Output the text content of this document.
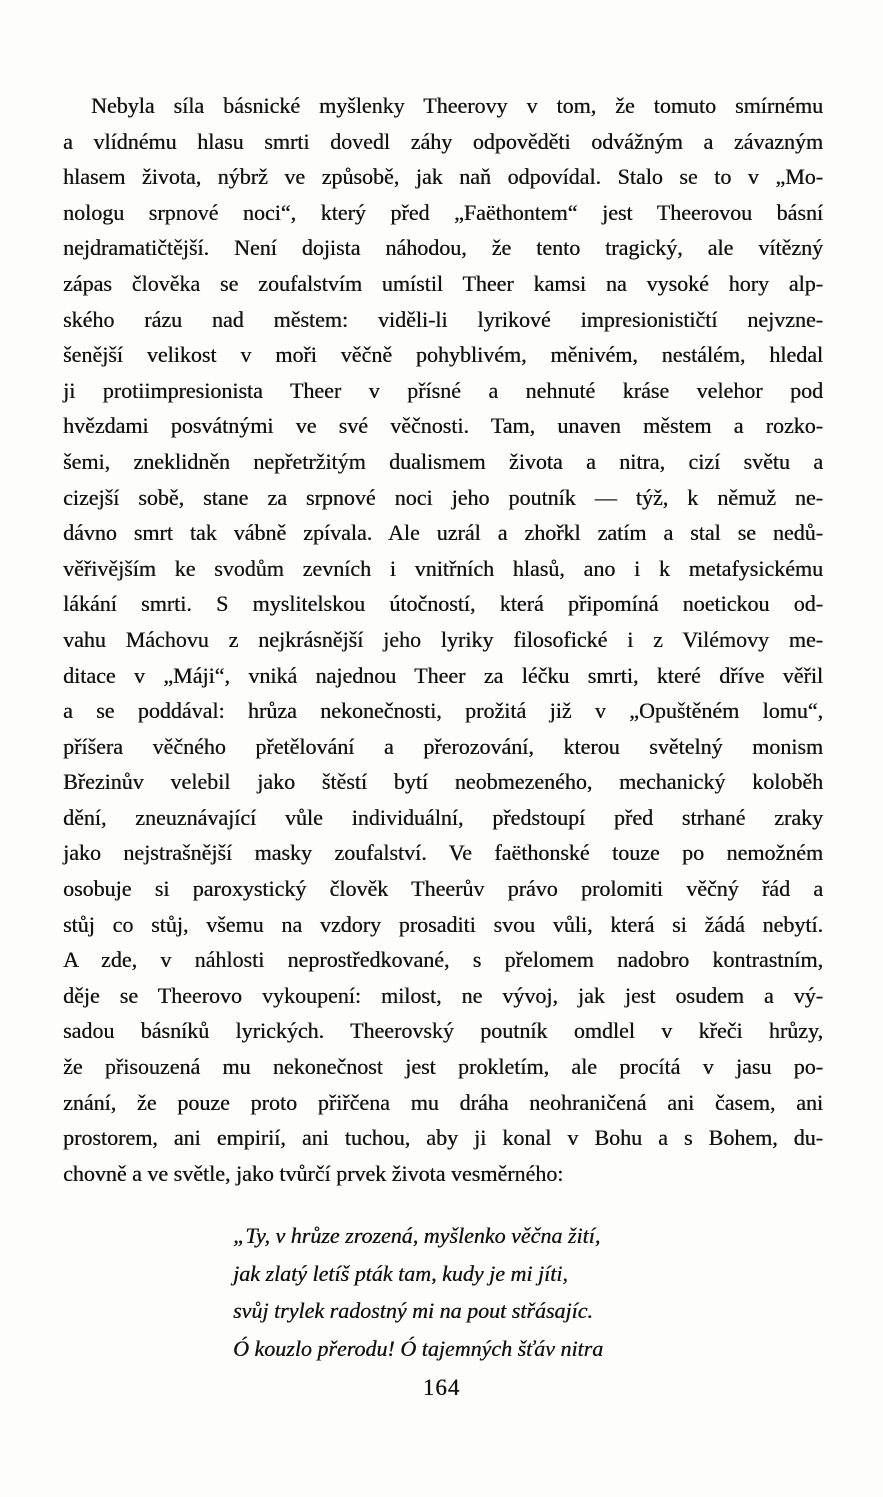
Nebyla síla básnické myšlenky Theerovy v tom, že tomuto smírnému
a vlídnému hlasu smrti dovedl záhy odpověděti odvážným a závazným
hlasem života, nýbrž ve způsobě, jak naň odpovídal. Stalo se to v „Mo-
nologu srpnové noci“, který před „Faëthontem“ jest Theerovou básní
nejdramatičtější. Není dojista náhodou, že tento tragický, ale vítězný
zápas člověka se zoufalstvím umístil Theer kamsi na vysoké hory alp-
ského rázu nad městem: viděli-li lyrikové impresionističtí nejvzne-
šenější velikost v moři věčně pohyblivém, měnivém, nestálém, hledal
ji protiimpresionista Theer v přísné a nehnuté kráse velehor pod
hvězdami posvátnými ve své věčnosti. Tam, unaven městem a rozko-
šemi, zneklidněn nepřetržitým dualismem života a nitra, cizí světu a
cizejší sobě, stane za srpnové noci jeho poutník — týž, k němuž ne-
dávno smrt tak vábně zpívala. Ale uzrál a zhořkl zatím a stal se nedů-
věřivějším ke svodům zevních i vnitřních hlasů, ano i k metafysickému
lákání smrti. S myslitelskou útočností, která připomíná noetickou od-
vahu Máchovu z nejkrásnější jeho lyriky filosofické i z Vilémovy me-
ditace v „Máji“, vniká najednou Theer za léčku smrti, které dříve věřil
a se poddával: hrůza nekonečnosti, prožitá již v „Opuštěném lomu“,
příšera věčného přetělování a přerozování, kterou světelný monism
Březinův velebil jako štěstí bytí neobmezeného, mechanický koloběh
dění, zneuznávající vůle individuální, předstoupí před strhané zraky
jako nejstrašnější masky zoufalství. Ve faëthonské touze po nemožném
osobuje si paroxystický člověk Theerův právo prolomiti věčný řád a
stůj co stůj, všemu na vzdory prosaditi svou vůli, která si žádá nebytí.
A zde, v náhlosti neprostředkované, s přelomem nadobro kontrastním,
děje se Theerovo vykoupení: milost, ne vývoj, jak jest osudem a vý-
sadou básníků lyrických. Theerovský poutník omdlel v křeči hrůzy,
že přisouzená mu nekonečnost jest prokletím, ale procítá v jasu po-
znání, že pouze proto přiřčena mu dráha neohraničená ani časem, ani
prostorem, ani empirií, ani tuchou, aby ji konal v Bohu a s Bohem, du-
chovně a ve světle, jako tvůrčí prvek života vesměrného:
„Ty, v hrůze zrozená, myšlenko věčna žití,
jak zlatý letíš pták tam, kudy je mi jíti,
svůj trylek radostný mi na pout střásajíc.
Ó kouzlo přerodu! Ó tajemných šťáv nitra
164
